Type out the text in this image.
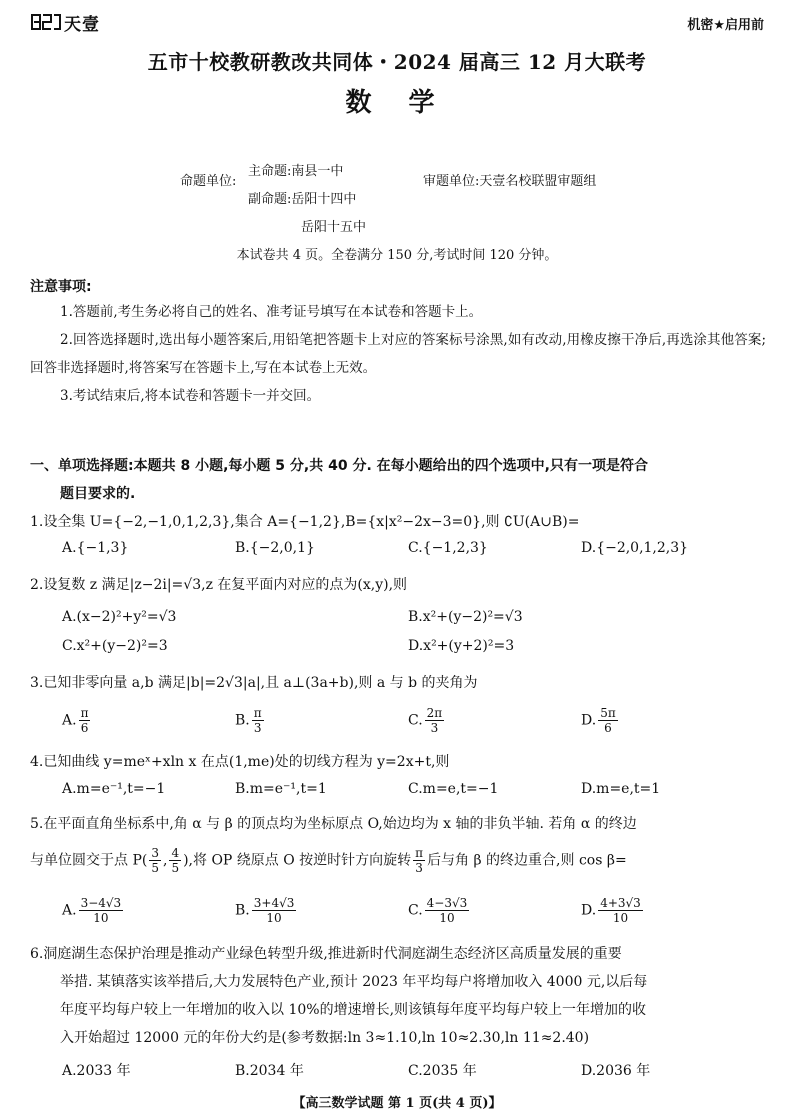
天壹	机密★启用前
五市十校教研教改共同体・2024 届高三 12 月大联考
数 学
命题单位:
主命题:南县一中
副命题:岳阳十四中
岳阳十五中
审题单位:天壹名校联盟审题组
本试卷共 4 页。全卷满分 150 分,考试时间 120 分钟。
注意事项:

1.答题前,考生务必将自己的姓名、准考证号填写在本试卷和答题卡上。

2.回答选择题时,选出每小题答案后,用铅笔把答题卡上对应的答案标号涂黑,如有改动,用橡皮擦干净后,再选涂其他答案;回答非选择题时,将答案写在答题卡上,写在本试卷上无效。

3.考试结束后,将本试卷和答题卡一并交回。

一、单项选择题:本题共 8 小题,每小题 5 分,共 40 分. 在每小题给出的四个选项中,只有一项是符合
题目要求的.
1.设全集 U={−2,−1,0,1,2,3},集合 A={−1,2},B={x|x²−2x−3=0},则 ∁U(A∪B)=
A.{−1,3}	B.{−2,0,1}	C.{−1,2,3}	D.{−2,0,1,2,3}
2.设复数 z 满足|z−2i|=√3,z 在复平面内对应的点为(x,y),则
A.(x−2)²+y²=√3	B.x²+(y−2)²=√3
C.x²+(y−2)²=3	D.x²+(y+2)²=3
3.已知非零向量 a,b 满足|b|=2√3|a|,且 a⊥(3a+b),则 a 与 b 的夹角为
A. $\frac{\pi}{6}$	B. $\frac{\pi}{3}$	C. $\frac{2\pi}{3}$	D. $\frac{5\pi}{6}$
4.已知曲线 y=meˣ+xln x 在点(1,me)处的切线方程为 y=2x+t,则
A.m=e⁻¹,t=−1	B.m=e⁻¹,t=1	C.m=e,t=−1	D.m=e,t=1
5.在平面直角坐标系中,角 α 与 β 的顶点均为坐标原点 O,始边均为 x 轴的非负半轴. 若角 α 的终边
与单位圆交于点 $P( \frac{3}{5}$ , $\frac{4}{5}$ ),将 OP 绕原点 O 按逆时针方向旋转 $\frac{\pi}{3}$ 后与角 β 的终边重合,则 cos β=
A. $\frac{3-4√3}{10}$	B. $\frac{3+4√3}{10}$	C. $\frac{4-3√3}{10}$	D. $\frac{4+3√3}{10}$
6.洞庭湖生态保护治理是推动产业绿色转型升级,推进新时代洞庭湖生态经济区高质量发展的重要
举措. 某镇落实该举措后,大力发展特色产业,预计 2023 年平均每户将增加收入 4000 元,以后每
年度平均每户较上一年增加的收入以 10%的增速增长,则该镇每年度平均每户较上一年增加的收
入开始超过 12000 元的年份大约是(参考数据:ln 3≈1.10,ln 10≈2.30,ln 11≈2.40)
A.2033 年	B.2034 年	C.2035 年	D.2036 年
【高三数学试题 第 1 页(共 4 页)】
